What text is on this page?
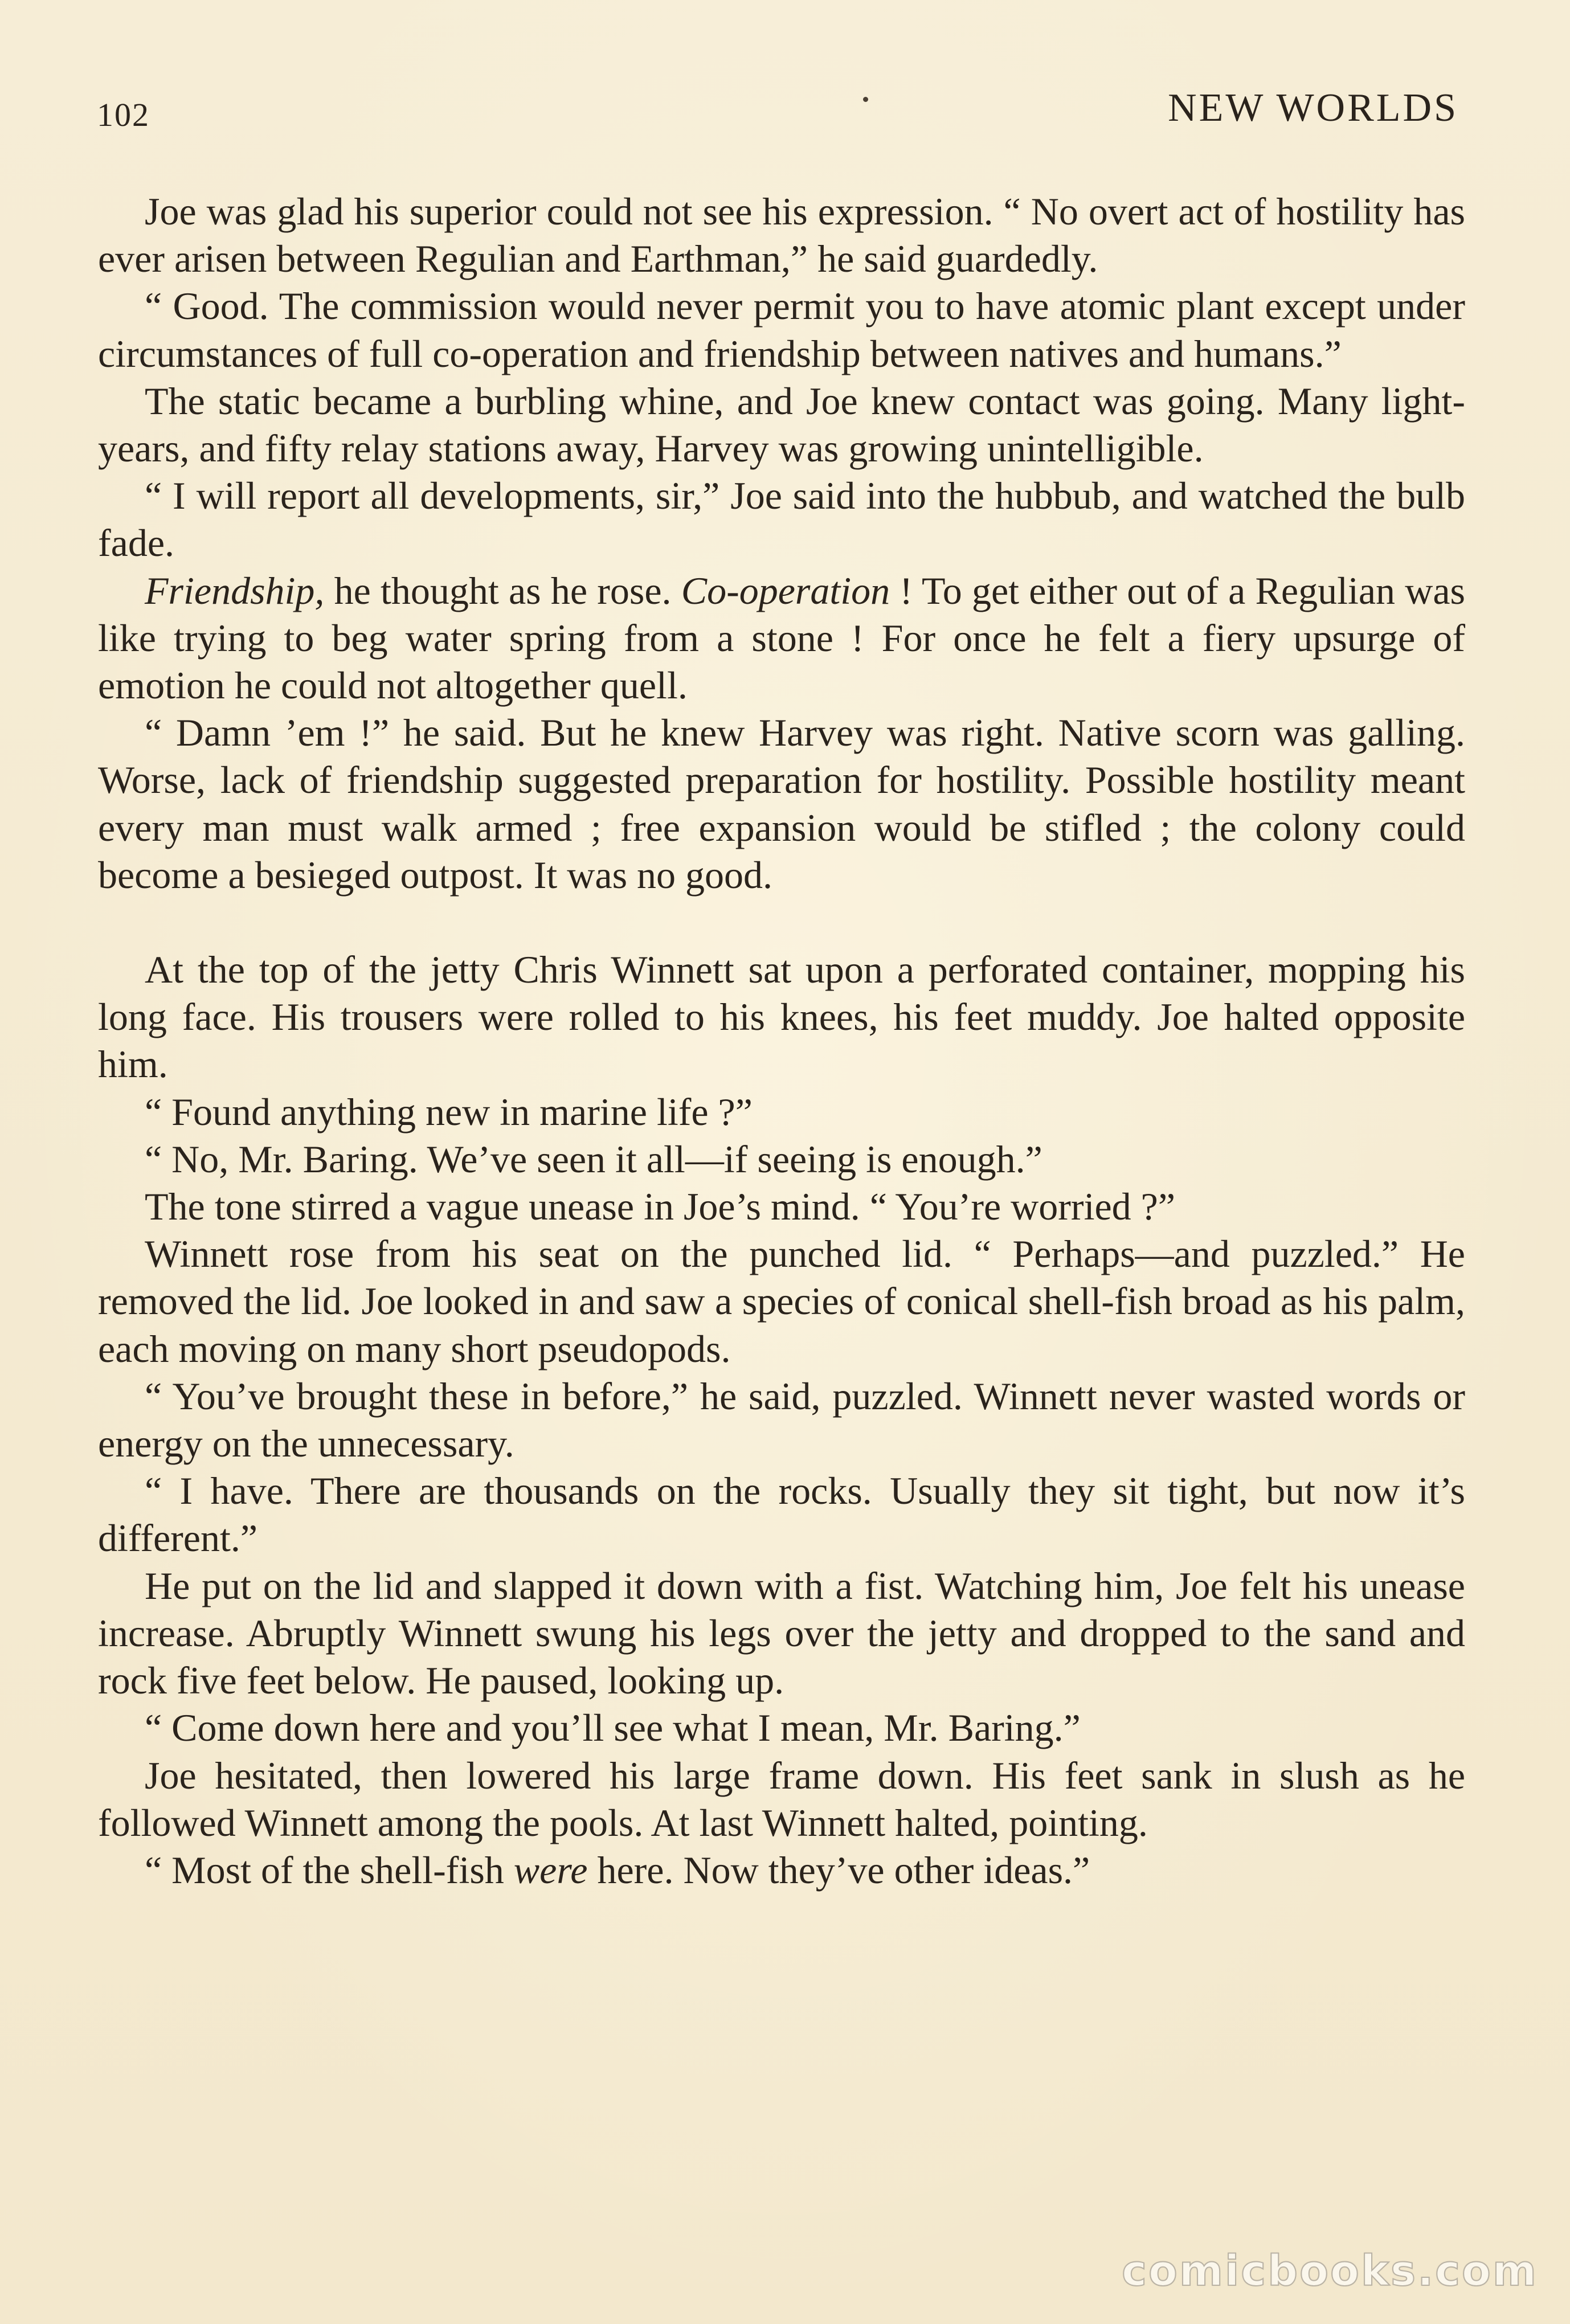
102	NEW WORLDS

Joe was glad his superior could not see his expression. “ No overt act of hostility has ever arisen between Regulian and Earthman,” he said guardedly.

“ Good. The commission would never permit you to have atomic plant except under circumstances of full co-operation and friendship between natives and humans.”

The static became a burbling whine, and Joe knew contact was going. Many light-years, and fifty relay stations away, Harvey was growing unintelligible.

“ I will report all developments, sir,” Joe said into the hubbub, and watched the bulb fade.

Friendship, he thought as he rose. Co-operation ! To get either out of a Regulian was like trying to beg water spring from a stone ! For once he felt a fiery upsurge of emotion he could not altogether quell.

“ Damn ’em !” he said. But he knew Harvey was right. Native scorn was galling. Worse, lack of friendship suggested preparation for hostility. Possible hostility meant every man must walk armed ; free expansion would be stifled ; the colony could become a besieged outpost. It was no good.

At the top of the jetty Chris Winnett sat upon a perforated container, mopping his long face. His trousers were rolled to his knees, his feet muddy. Joe halted opposite him.

“ Found anything new in marine life ?”

“ No, Mr. Baring. We’ve seen it all—if seeing is enough.”

The tone stirred a vague unease in Joe’s mind. “ You’re worried ?”

Winnett rose from his seat on the punched lid. “ Perhaps—and puzzled.” He removed the lid. Joe looked in and saw a species of conical shell-fish broad as his palm, each moving on many short pseudopods.

“ You’ve brought these in before,” he said, puzzled. Winnett never wasted words or energy on the unnecessary.

“ I have. There are thousands on the rocks. Usually they sit tight, but now it’s different.”

He put on the lid and slapped it down with a fist. Watching him, Joe felt his unease increase. Abruptly Winnett swung his legs over the jetty and dropped to the sand and rock five feet below. He paused, looking up.

“ Come down here and you’ll see what I mean, Mr. Baring.”

Joe hesitated, then lowered his large frame down. His feet sank in slush as he followed Winnett among the pools. At last Winnett halted, pointing.

“ Most of the shell-fish were here. Now they’ve other ideas.”

comicbooks.com
